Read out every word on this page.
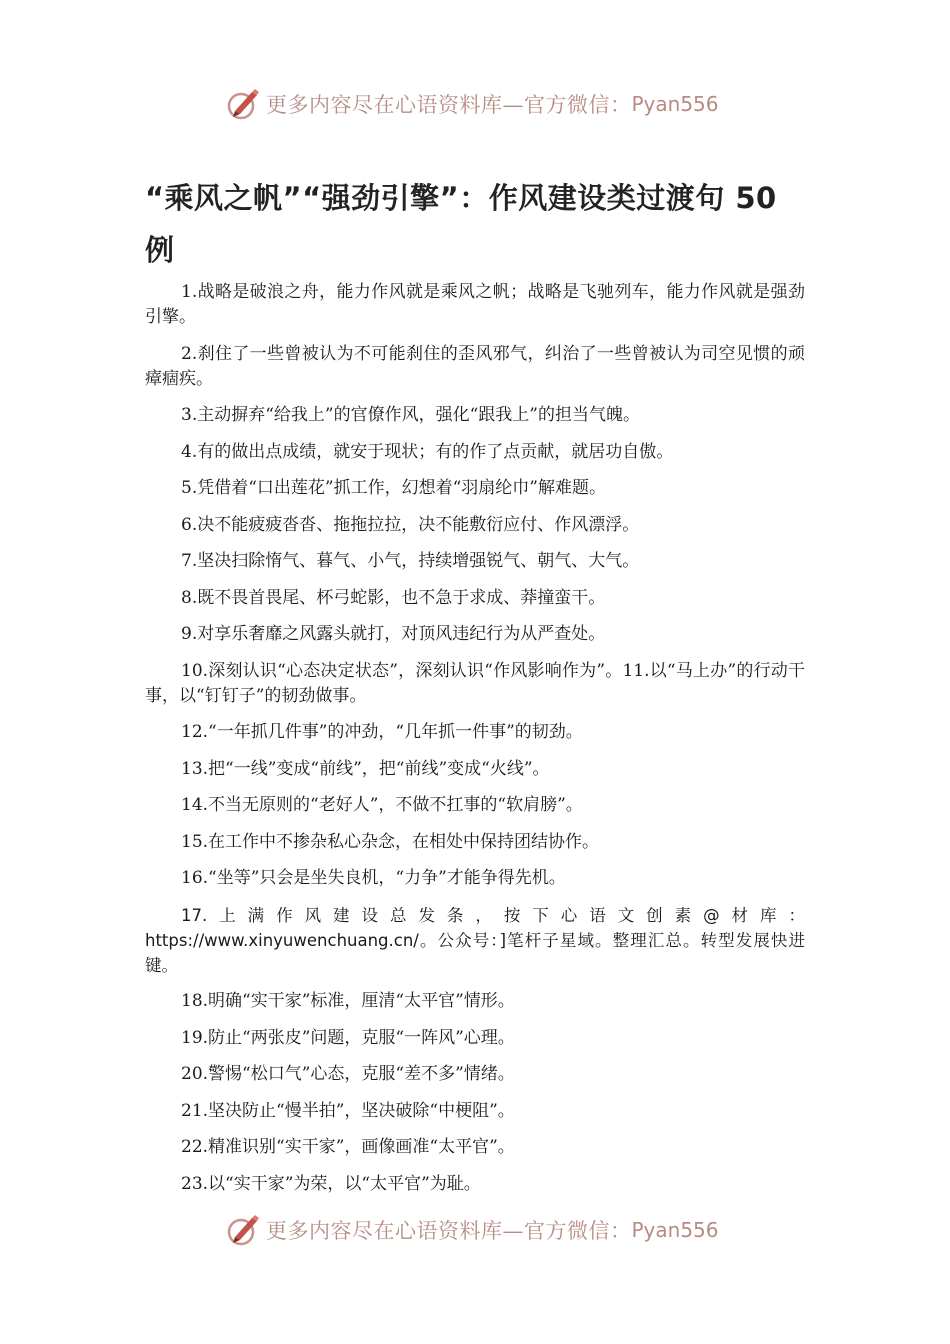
更多内容尽在心语资料库—官方微信： Pyan556
“乘风之帆”“强劲引擎”：作风建设类过渡句 50 例

1.战略是破浪之舟，能力作风就是乘风之帆；战略是飞驰列车，能力作风就是强劲引擎。

2.刹住了一些曾被认为不可能刹住的歪风邪气，纠治了一些曾被认为司空见惯的顽瘴痼疾。

3.主动摒弃“给我上”的官僚作风，强化“跟我上”的担当气魄。

4.有的做出点成绩，就安于现状；有的作了点贡献，就居功自傲。

5.凭借着“口出莲花”抓工作，幻想着“羽扇纶巾”解难题。

6.决不能疲疲沓沓、拖拖拉拉，决不能敷衍应付、作风漂浮。

7.坚决扫除惰气、暮气、小气，持续增强锐气、朝气、大气。

8.既不畏首畏尾、杯弓蛇影，也不急于求成、莽撞蛮干。

9.对享乐奢靡之风露头就打，对顶风违纪行为从严查处。

10.深刻认识“心态决定状态”，深刻认识“作风影响作为”。11.以“马上办”的行动干事，以“钉钉子”的韧劲做事。

12.“一年抓几件事”的冲劲，“几年抓一件事”的韧劲。

13.把“一线”变成“前线”，把“前线”变成“火线”。

14.不当无原则的“老好人”，不做不扛事的“软肩膀”。

15.在工作中不掺杂私心杂念，在相处中保持团结协作。

16.“坐等”只会是坐失良机，“力争”才能争得先机。

17.上满作风建设总发条，按下心语文创素@材库：https://www.xinyuwenchuang.cn/。公众号：]笔杆子星域。整理汇总。转型发展快进键。

18.明确“实干家”标准，厘清“太平官”情形。

19.防止“两张皮”问题，克服“一阵风”心理。

20.警惕“松口气”心态，克服“差不多”情绪。

21.坚决防止“慢半拍”，坚决破除“中梗阻”。

22.精准识别“实干家”，画像画准“太平官”。

23.以“实干家”为荣，以“太平官”为耻。

更多内容尽在心语资料库—官方微信： Pyan556
